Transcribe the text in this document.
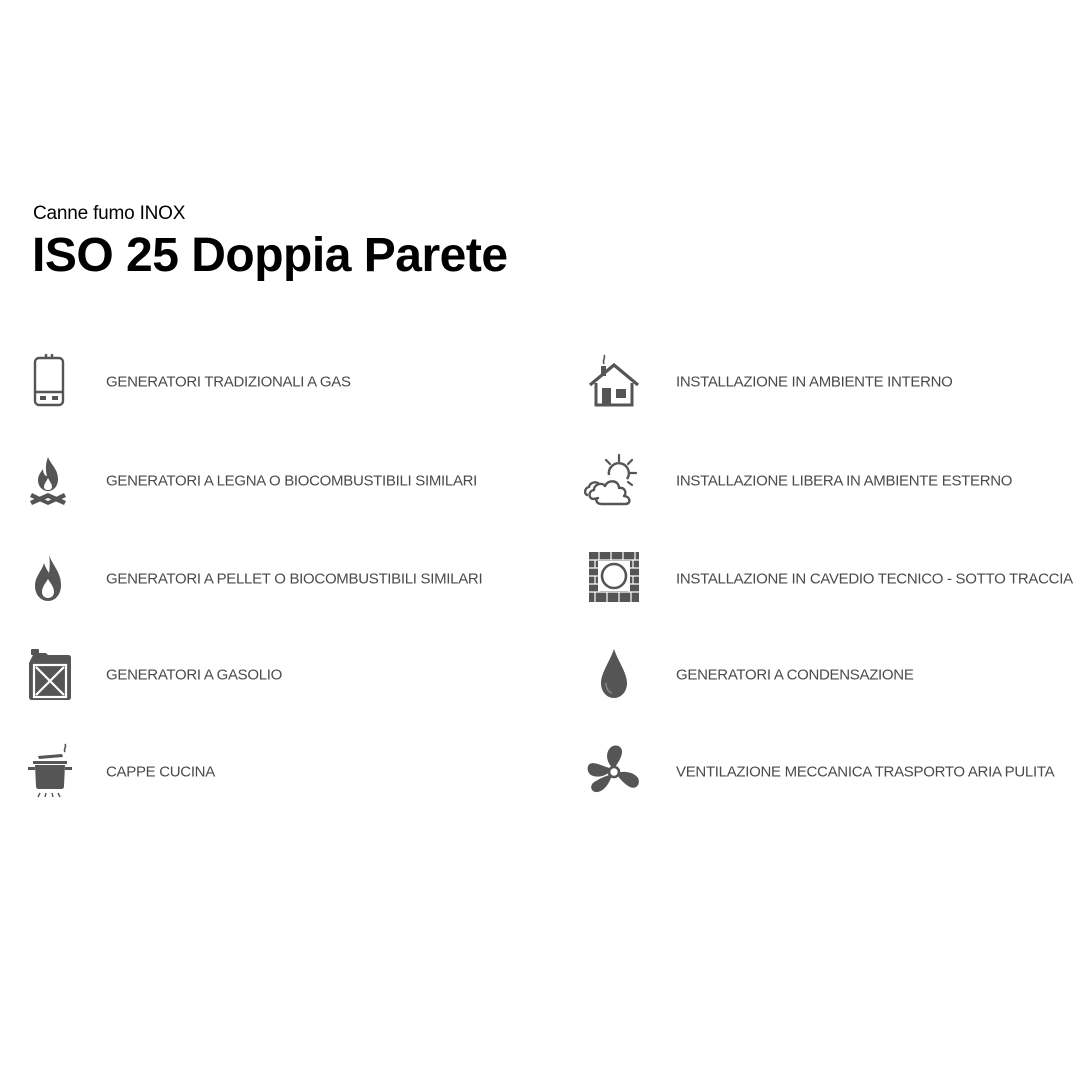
Canne fumo INOX
ISO 25 Doppia Parete
GENERATORI TRADIZIONALI A GAS
GENERATORI A LEGNA O BIOCOMBUSTIBILI SIMILARI
GENERATORI A PELLET O BIOCOMBUSTIBILI SIMILARI
GENERATORI A GASOLIO
CAPPE CUCINA
INSTALLAZIONE IN AMBIENTE INTERNO
INSTALLAZIONE LIBERA IN AMBIENTE ESTERNO
INSTALLAZIONE IN CAVEDIO TECNICO - SOTTO TRACCIA
GENERATORI A CONDENSAZIONE
VENTILAZIONE MECCANICA TRASPORTO ARIA PULITA
